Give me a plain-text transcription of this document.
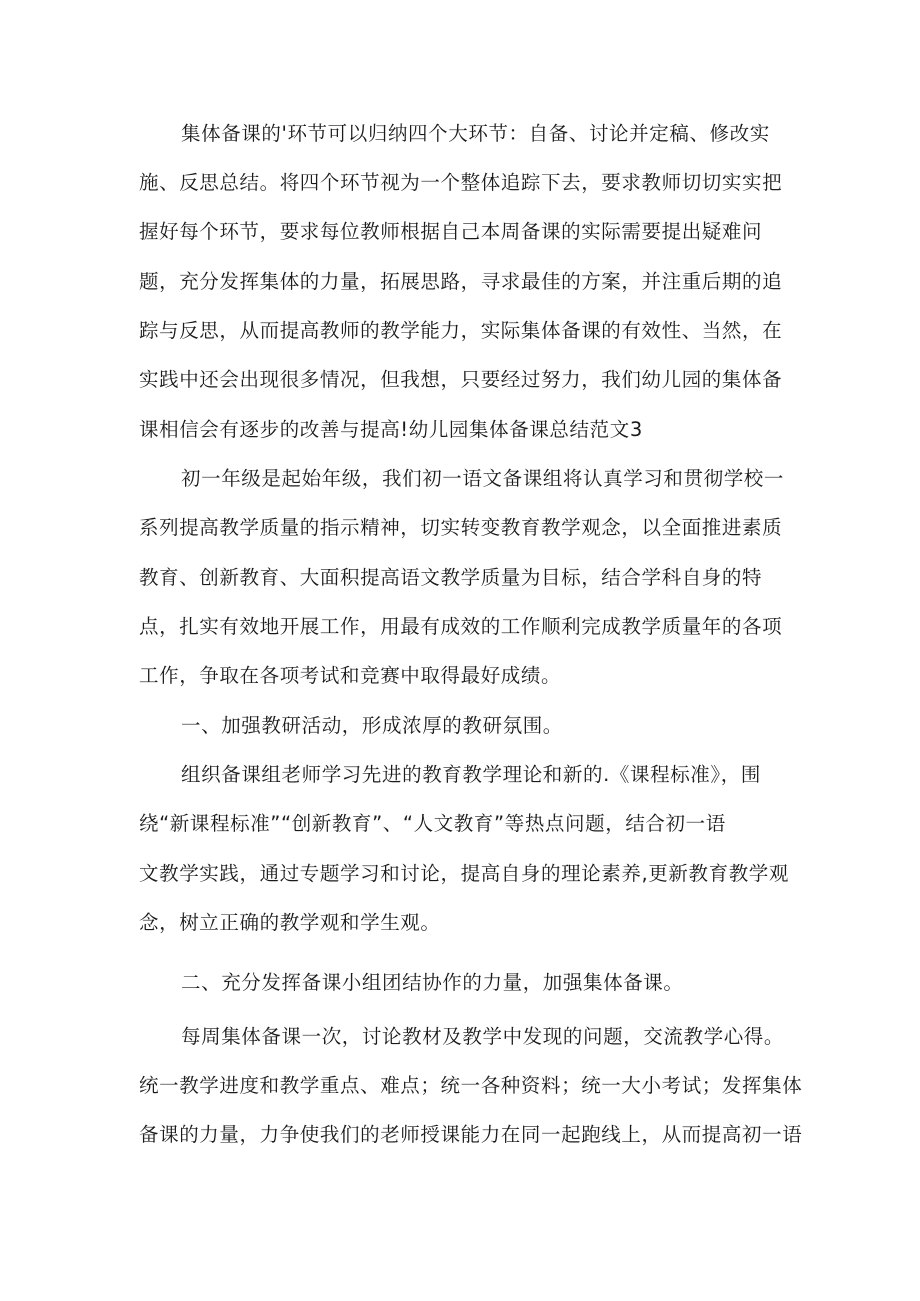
集体备课的'环节可以归纳四个大环节：自备、讨论并定稿、修改实
施、反思总结。将四个环节视为一个整体追踪下去，要求教师切切实实把
握好每个环节，要求每位教师根据自己本周备课的实际需要提出疑难问
题，充分发挥集体的力量，拓展思路，寻求最佳的方案，并注重后期的追
踪与反思，从而提高教师的教学能力，实际集体备课的有效性、当然，在
实践中还会出现很多情况，但我想，只要经过努力，我们幼儿园的集体备
课相信会有逐步的改善与提高!幼儿园集体备课总结范文3
初一年级是起始年级，我们初一语文备课组将认真学习和贯彻学校一
系列提高教学质量的指示精神，切实转变教育教学观念，以全面推进素质
教育、创新教育、大面积提高语文教学质量为目标，结合学科自身的特
点，扎实有效地开展工作，用最有成效的工作顺利完成教学质量年的各项
工作，争取在各项考试和竞赛中取得最好成绩。
一、加强教研活动，形成浓厚的教研氛围。
组织备课组老师学习先进的教育教学理论和新的.《课程标准》，围
绕“新课程标准”“创新教育”、“人文教育”等热点问题，结合初一语
文教学实践，通过专题学习和讨论，提高自身的理论素养,更新教育教学观
念，树立正确的教学观和学生观。
二、充分发挥备课小组团结协作的力量，加强集体备课。
每周集体备课一次，讨论教材及教学中发现的问题，交流教学心得。
统一教学进度和教学重点、难点；统一各种资料；统一大小考试；发挥集体
备课的力量，力争使我们的老师授课能力在同一起跑线上，从而提高初一语
